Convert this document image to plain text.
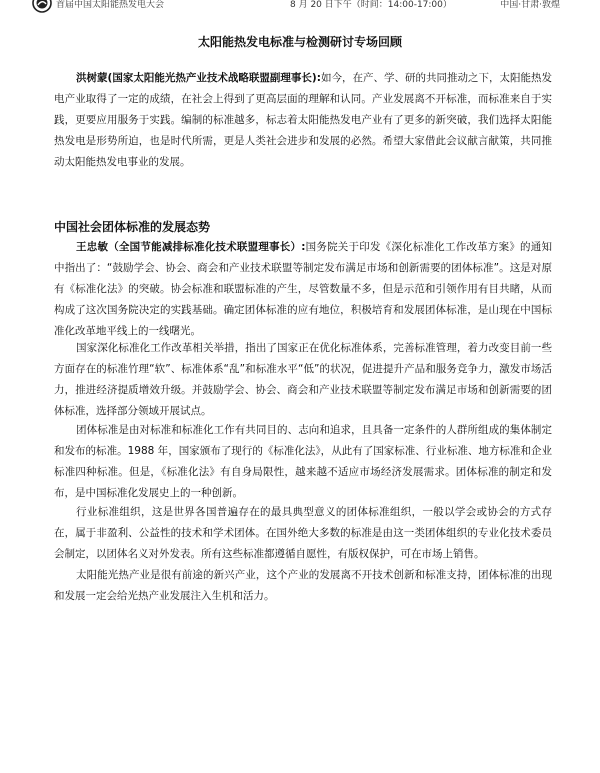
首届中国太阳能热发电大会	8 月 20 日下午（时间：14:00-17:00）	中国·甘肃·敦煌
太阳能热发电标准与检测研讨专场回顾

洪树蒙(国家太阳能光热产业技术战略联盟副理事长):如今，在产、学、研的共同推动之下，太阳能热发电产业取得了一定的成绩，在社会上得到了更高层面的理解和认同。产业发展离不开标准，而标准来自于实践，更要应用服务于实践。编制的标准越多，标志着太阳能热发电产业有了更多的新突破，我们选择太阳能热发电是形势所迫，也是时代所需，更是人类社会进步和发展的必然。希望大家借此会议献言献策，共同推动太阳能热发电事业的发展。

中国社会团体标准的发展态势

王忠敏（全国节能减排标准化技术联盟理事长）:国务院关于印发《深化标准化工作改革方案》的通知中指出了：“鼓励学会、协会、商会和产业技术联盟等制定发布满足市场和创新需要的团体标准”。这是对原有《标准化法》的突破。协会标准和联盟标准的产生，尽管数量不多，但是示范和引领作用有目共睹，从而构成了这次国务院决定的实践基础。确定团体标准的应有地位，积极培育和发展团体标准，是山现在中国标准化改革地平线上的一线曙光。

国家深化标准化工作改革相关举措，指出了国家正在优化标准体系，完善标准管理，着力改变目前一些方面存在的标准竹理“软”、标准体系“乱”和标准水平“低”的状况，促进提升产品和服务竞争力，激发市场活力，推进经济提质增效升级。并鼓励学会、协会、商会和产业技术联盟等制定发布满足市场和创新需要的团体标准，选择部分领域开展试点。

团体标准是由对标准和标准化工作有共同目的、志向和追求，且具备一定条件的人群所组成的集体制定和发布的标准。1988 年，国家颁布了现行的《标准化法》，从此有了国家标准、行业标准、地方标准和企业标准四种标准。但是，《标准化法》有自身局限性，越来越不适应市场经济发展需求。团体标准的制定和发布，是中国标准化发展史上的一种创新。

行业标准组织，这是世界各国普遍存在的最具典型意义的团体标准组织，一般以学会或协会的方式存在，属于非盈利、公益性的技术和学术团体。在国外绝大多数的标准是由这一类团体组织的专业化技术委员会制定，以团体名义对外发表。所有这些标准都遵循自愿性，有版权保护，可在市场上销售。

太阳能光热产业是很有前途的新兴产业，这个产业的发展离不开技术创新和标准支持，团体标准的出现和发展一定会给光热产业发展注入生机和活力。
